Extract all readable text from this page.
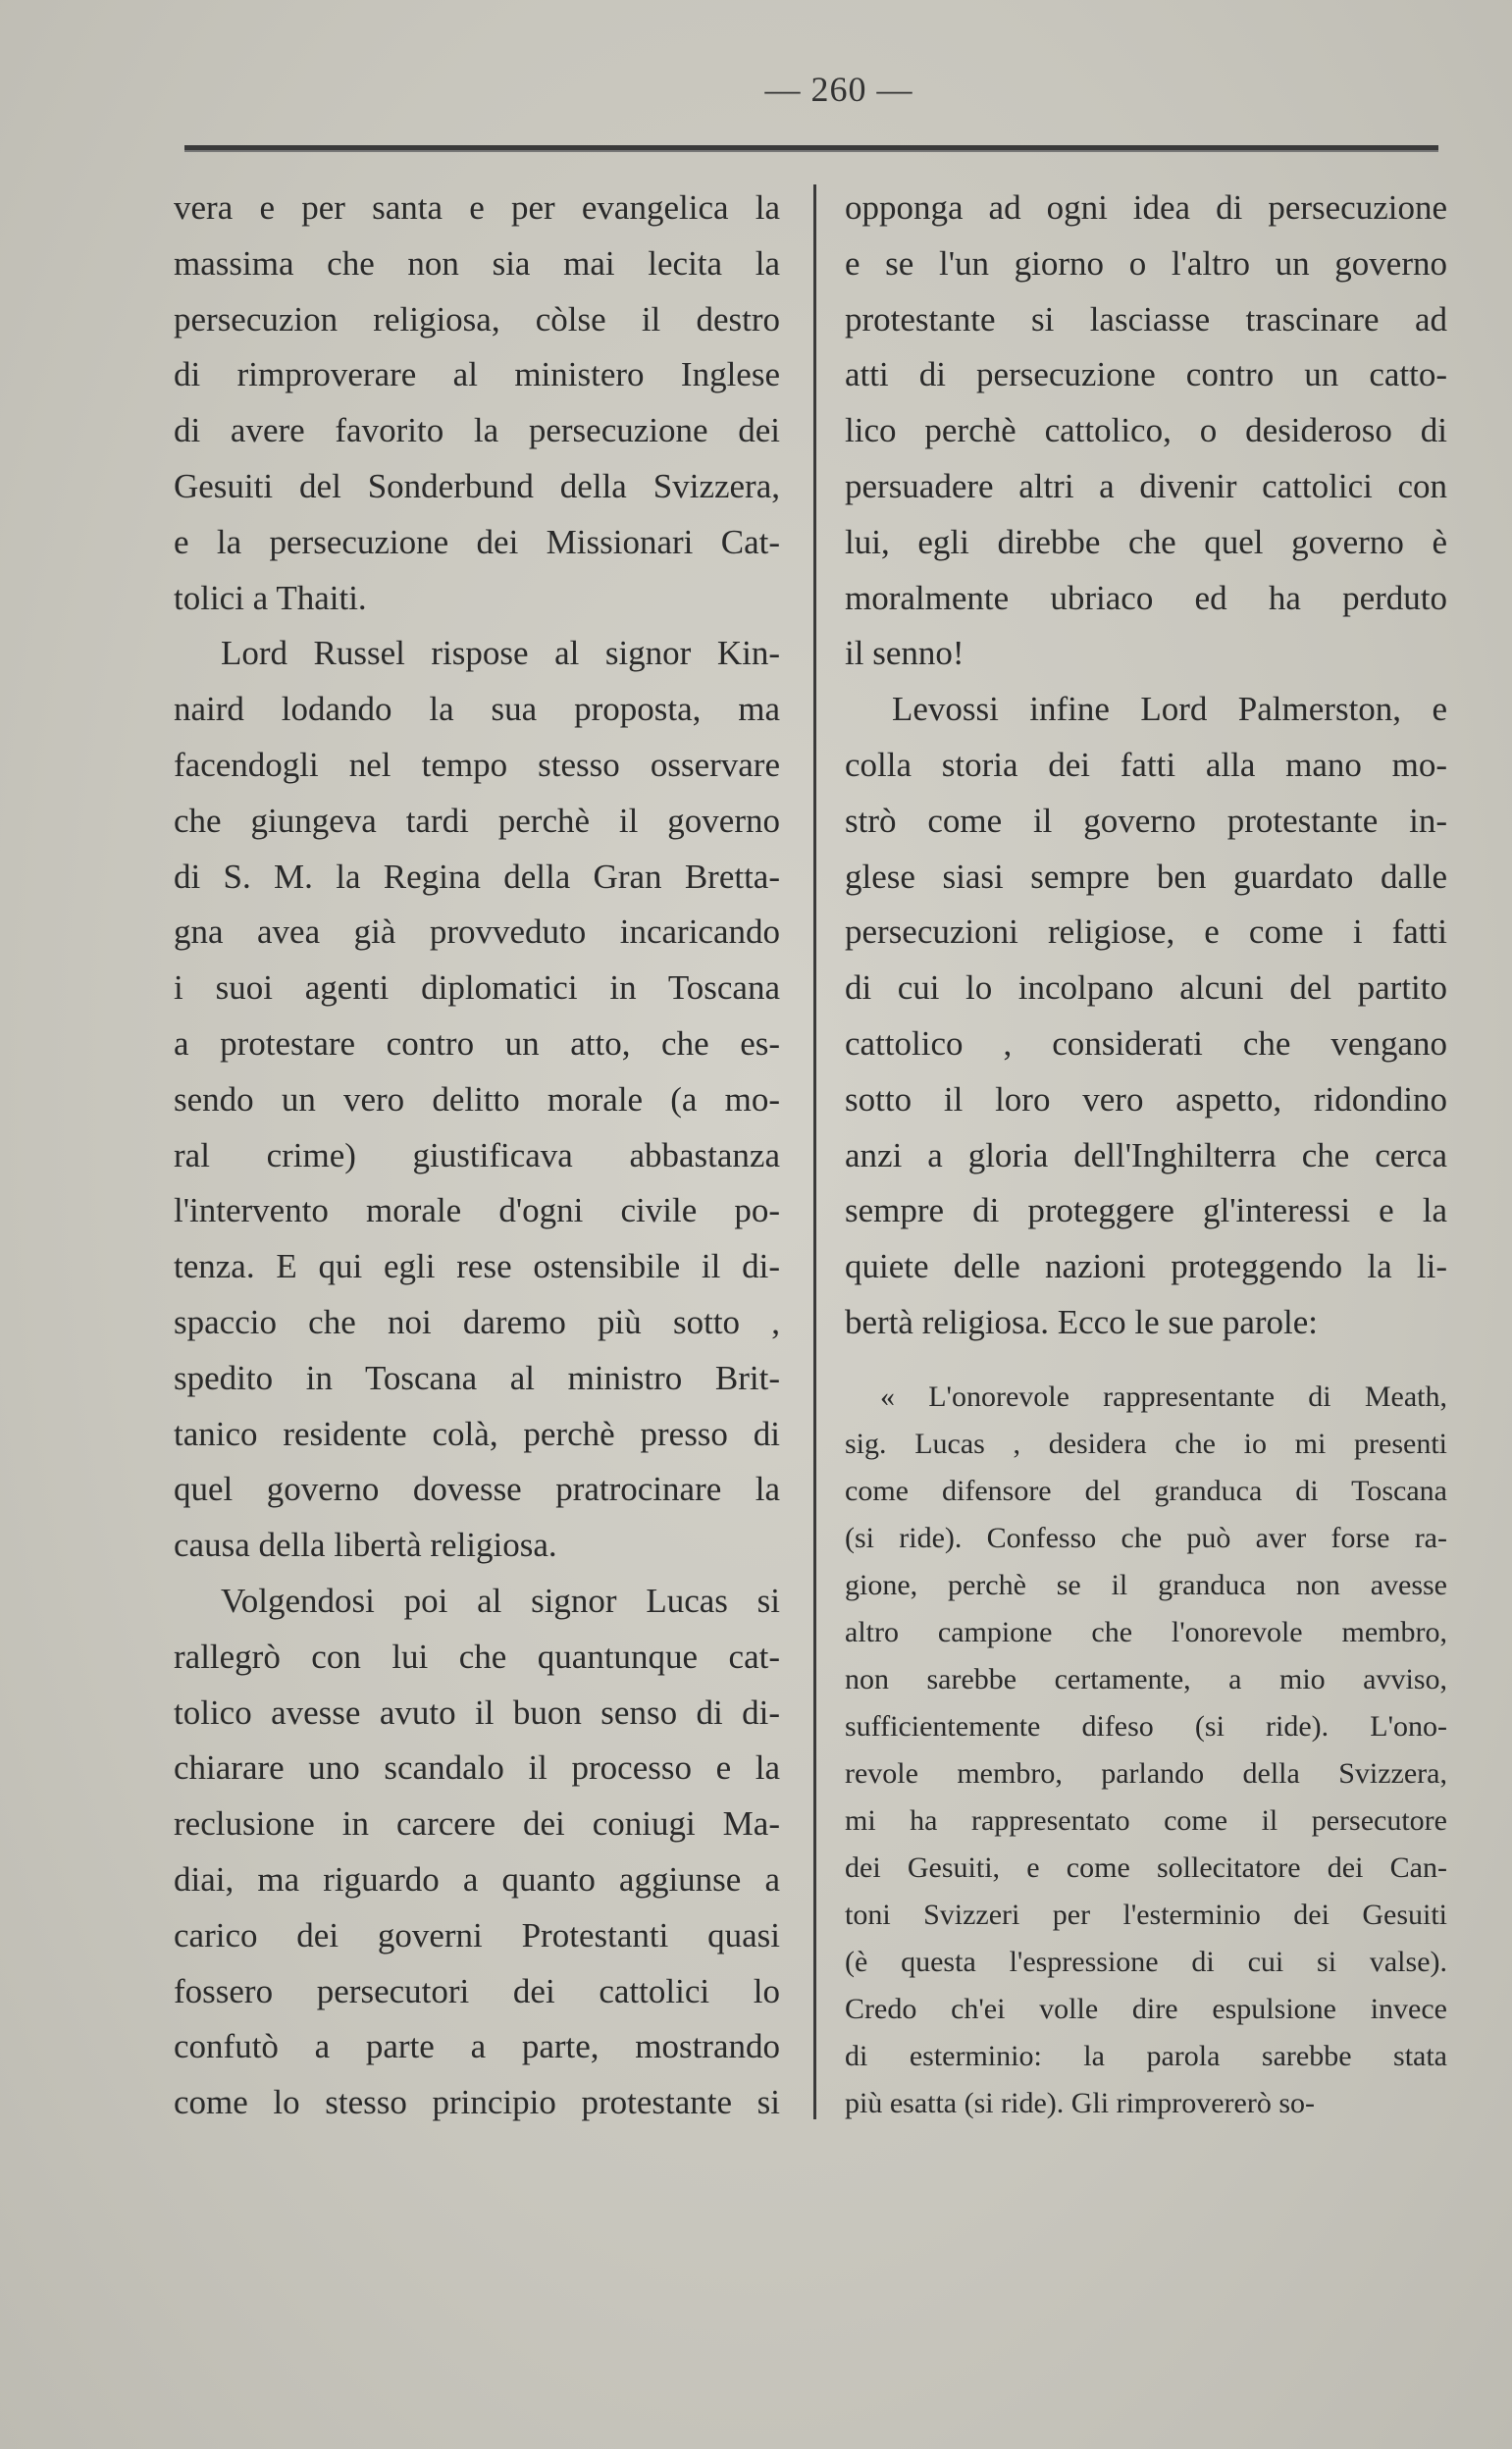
— 260 —
vera e per santa e per evangelica la
massima che non sia mai lecita la
persecuzion religiosa, còlse il destro
di rimproverare al ministero Inglese
di avere favorito la persecuzione dei
Gesuiti del Sonderbund della Svizzera,
e la persecuzione dei Missionari Cat-
tolici a Thaiti.
Lord Russel rispose al signor Kin-
naird lodando la sua proposta, ma
facendogli nel tempo stesso osservare
che giungeva tardi perchè il governo
di S. M. la Regina della Gran Bretta-
gna avea già provveduto incaricando
i suoi agenti diplomatici in Toscana
a protestare contro un atto, che es-
sendo un vero delitto morale (a mo-
ral crime) giustificava abbastanza
l'intervento morale d'ogni civile po-
tenza. E qui egli rese ostensibile il di-
spaccio che noi daremo più sotto ,
spedito in Toscana al ministro Brit-
tanico residente colà, perchè presso di
quel governo dovesse pratrocinare la
causa della libertà religiosa.
Volgendosi poi al signor Lucas si
rallegrò con lui che quantunque cat-
tolico avesse avuto il buon senso di di-
chiarare uno scandalo il processo e la
reclusione in carcere dei coniugi Ma-
diai, ma riguardo a quanto aggiunse a
carico dei governi Protestanti quasi
fossero persecutori dei cattolici lo
confutò a parte a parte, mostrando
come lo stesso principio protestante si
opponga ad ogni idea di persecuzione
e se l'un giorno o l'altro un governo
protestante si lasciasse trascinare ad
atti di persecuzione contro un catto-
lico perchè cattolico, o desideroso di
persuadere altri a divenir cattolici con
lui, egli direbbe che quel governo è
moralmente ubriaco ed ha perduto
il senno!
Levossi infine Lord Palmerston, e
colla storia dei fatti alla mano mo-
strò come il governo protestante in-
glese siasi sempre ben guardato dalle
persecuzioni religiose, e come i fatti
di cui lo incolpano alcuni del partito
cattolico , considerati che vengano
sotto il loro vero aspetto, ridondino
anzi a gloria dell'Inghilterra che cerca
sempre di proteggere gl'interessi e la
quiete delle nazioni proteggendo la li-
bertà religiosa. Ecco le sue parole:
« L'onorevole rappresentante di Meath,
sig. Lucas , desidera che io mi presenti
come difensore del granduca di Toscana
(si ride). Confesso che può aver forse ra-
gione, perchè se il granduca non avesse
altro campione che l'onorevole membro,
non sarebbe certamente, a mio avviso,
sufficientemente difeso (si ride). L'ono-
revole membro, parlando della Svizzera,
mi ha rappresentato come il persecutore
dei Gesuiti, e come sollecitatore dei Can-
toni Svizzeri per l'esterminio dei Gesuiti
(è questa l'espressione di cui si valse).
Credo ch'ei volle dire espulsione invece
di esterminio: la parola sarebbe stata
più esatta (si ride). Gli rimprovererò so-
